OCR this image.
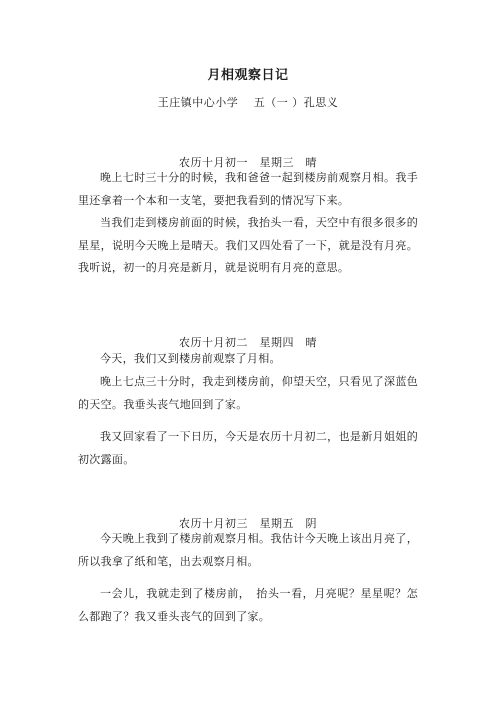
月相观察日记
王庄镇中心小学　 五（一 ）孔思义
农历十月初一　星期三　晴

晚上七时三十分的时候，我和爸爸一起到楼房前观察月相。我手里还拿着一个本和一支笔，要把我看到的情况写下来。

当我们走到楼房前面的时候，我抬头一看，天空中有很多很多的星星，说明今天晚上是晴天。我们又四处看了一下，就是没有月亮。我听说，初一的月亮是新月，就是说明有月亮的意思。

农历十月初二　星期四　晴

今天，我们又到楼房前观察了月相。

晚上七点三十分时，我走到楼房前，仰望天空，只看见了深蓝色的天空。我垂头丧气地回到了家。

我又回家看了一下日历，今天是农历十月初二，也是新月姐姐的初次露面。

农历十月初三　星期五　阴

今天晚上我到了楼房前观察月相。我估计今天晚上该出月亮了，所以我拿了纸和笔，出去观察月相。

一会儿，我就走到了楼房前，　抬头一看，月亮呢？星星呢？怎么都跑了？我又垂头丧气的回到了家。
